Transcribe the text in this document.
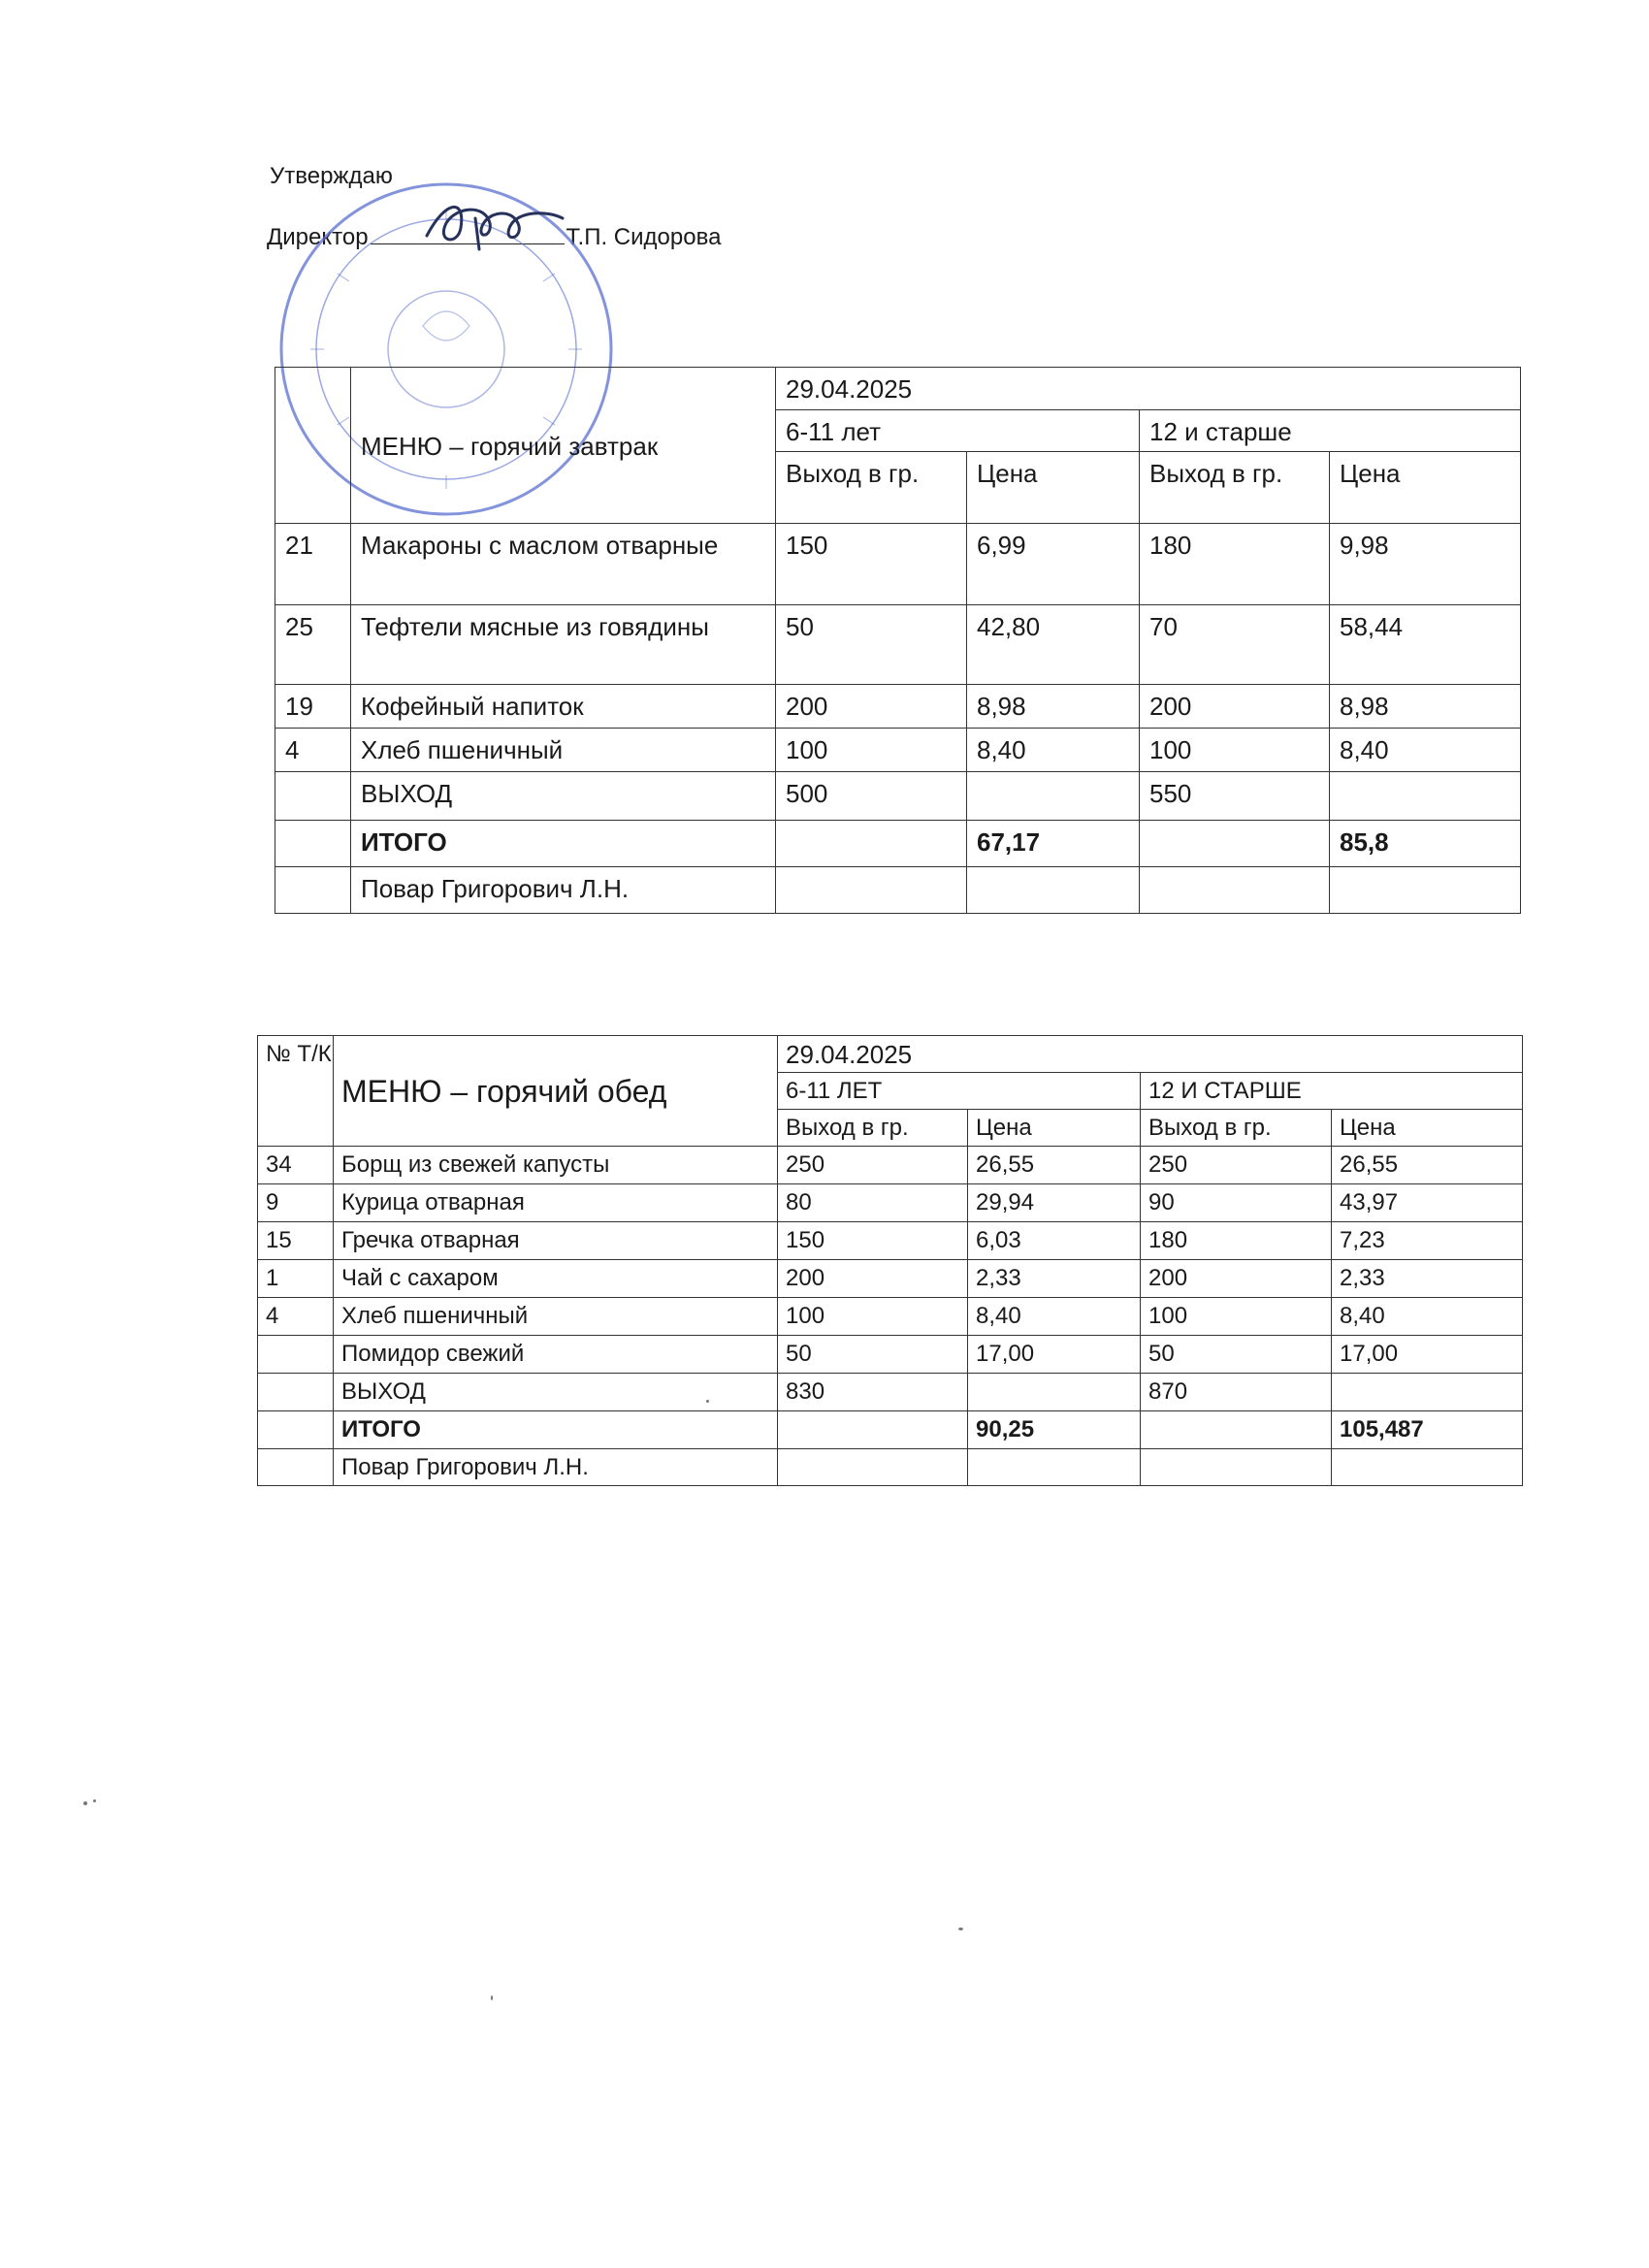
Утверждаю
Директор	Т.П. Сидорова
	МЕНЮ – горячий завтрак	29.04.2025			
		6-11 лет		12 и старше	
		Выход в гр.	Цена	Выход в гр.	Цена
21	Макароны с маслом отварные	150	6,99	180	9,98
25	Тефтели мясные из говядины	50	42,80	70	58,44
19	Кофейный напиток	200	8,98	200	8,98
4	Хлеб пшеничный	100	8,40	100	8,40
	ВЫХОД	500		550	
	ИТОГО		67,17		85,8
	Повар Григорович Л.Н.				
№ Т/К	МЕНЮ – горячий обед	29.04.2025			
		6-11 ЛЕТ		12 И СТАРШЕ	
		Выход в гр.	Цена	Выход в гр.	Цена
34	Борщ из свежей капусты	250	26,55	250	26,55
9	Курица отварная	80	29,94	90	43,97
15	Гречка отварная	150	6,03	180	7,23
1	Чай с сахаром	200	2,33	200	2,33
4	Хлеб пшеничный	100	8,40	100	8,40
	Помидор свежий	50	17,00	50	17,00
	ВЫХОД	830		870	
	ИТОГО		90,25		105,487
	Повар Григорович Л.Н.				
